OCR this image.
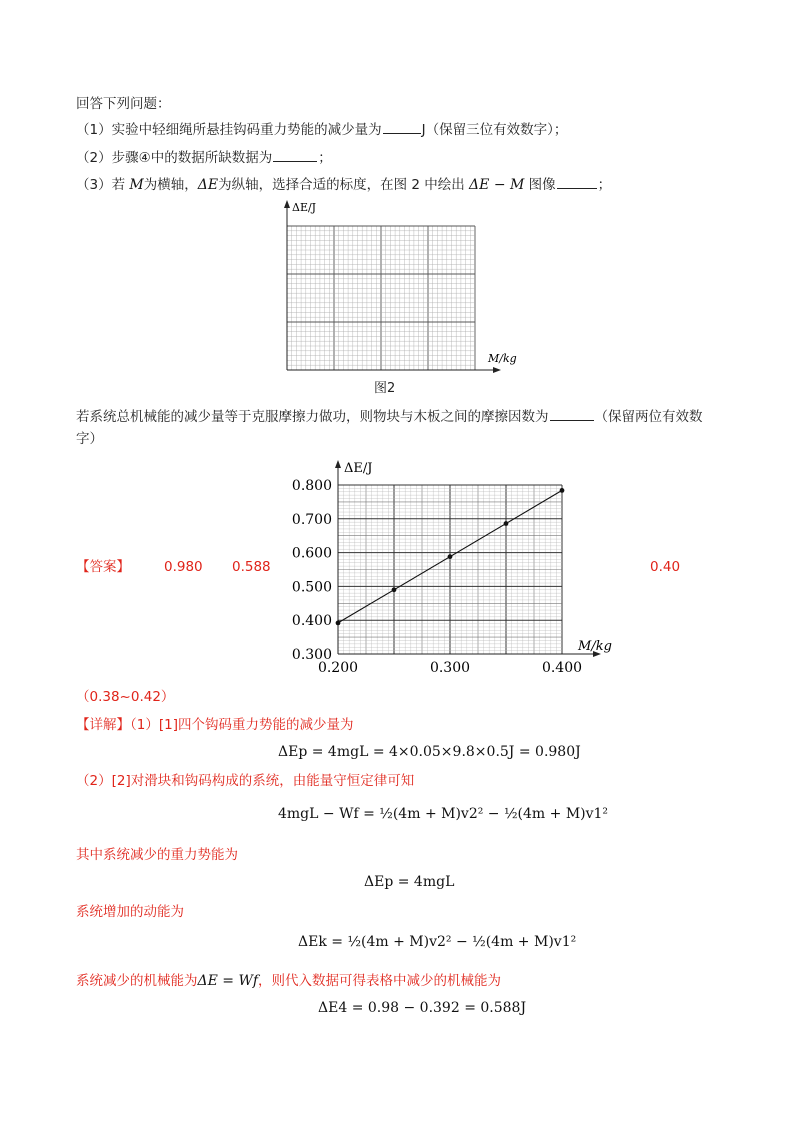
回答下列问题：
（1）实验中轻细绳所悬挂钩码重力势能的减少量为	J（保留三位有效数字）；
（2）步骤④中的数据所缺数据为	；
（3）若 M为横轴，ΔE为纵轴，选择合适的标度，在图 2 中绘出 ΔE − M 图像	；
ΔE/J
M/kg
图2
若系统总机械能的减少量等于克服摩擦力做功，则物块与木板之间的摩擦因数为	（保留两位有效数
字）
【答案】	0.980 0.588	0.40
ΔE/J
M/kg
0.300
0.400
0.500
0.600
0.700
0.800
0.200	0.300	0.400
（0.38~0.42）
【详解】（1）[1]四个钩码重力势能的减少量为
ΔEp = 4mgL = 4×0.05×9.8×0.5J = 0.980J
（2）[2]对滑块和钩码构成的系统，由能量守恒定律可知
4mgL − Wf = ½(4m + M)v2² − ½(4m + M)v1²
其中系统减少的重力势能为
ΔEp = 4mgL
系统增加的动能为
ΔEk = ½(4m + M)v2² − ½(4m + M)v1²
系统减少的机械能为ΔE = Wf，则代入数据可得表格中减少的机械能为
ΔE4 = 0.98 − 0.392 = 0.588J
